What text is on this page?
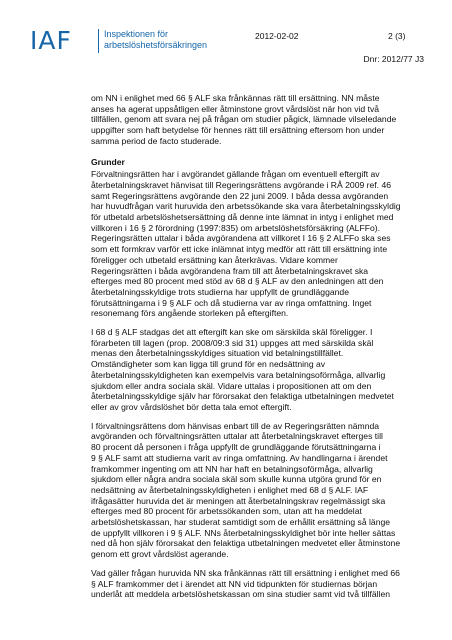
IAF	Inspektionen för
arbetslöshetsförsäkringen
2012-02-02	2 (3)
Dnr: 2012/77 J3

om NN i enlighet med 66 § ALF ska frånkännas rätt till ersättning. NN måste
anses ha agerat uppsåtligen eller åtminstone grovt vårdslöst när hon vid två
tillfällen, genom att svara nej på frågan om studier pågick, lämnade vilseledande
uppgifter som haft betydelse för hennes rätt till ersättning eftersom hon under
samma period de facto studerade.

Grunder

Förvaltningsrätten har i avgörandet gällande frågan om eventuell eftergift av
återbetalningskravet hänvisat till Regeringsrättens avgörande i RÅ 2009 ref. 46
samt Regeringsrättens avgörande den 22 juni 2009. I båda dessa avgöranden
har huvudfrågan varit huruvida den arbetssökande ska vara återbetalningsskyldig
för utbetald arbetslöshetsersättning då denne inte lämnat in intyg i enlighet med
villkoren i 16 § 2 förordning (1997:835) om arbetslöshetsförsäkring (ALFFo).
Regeringsrätten uttalar i båda avgörandena att villkoret I 16 § 2 ALFFo ska ses
som ett formkrav varför ett icke inlämnat intyg medför att rätt till ersättning inte
föreligger och utbetald ersättning kan återkrävas. Vidare kommer
Regeringsrätten i båda avgörandena fram till att återbetalningskravet ska
efterges med 80 procent med stöd av 68 d § ALF av den anledningen att den
återbetalningsskyldige trots studierna har uppfyllt de grundläggande
förutsättningarna i 9 § ALF och då studierna var av ringa omfattning. Inget
resonemang förs angående storleken på eftergiften.

I 68 d § ALF stadgas det att eftergift kan ske om särskilda skäl föreligger. I
förarbeten till lagen (prop. 2008/09:3 sid 31) uppges att med särskilda skäl
menas den återbetalningsskyldiges situation vid betalningstillfället.
Omständigheter som kan ligga till grund för en nedsättning av
återbetalningsskyldigheten kan exempelvis vara betalningsoförmåga, allvarlig
sjukdom eller andra sociala skäl. Vidare uttalas i propositionen att om den
återbetalningsskyldige själv har förorsakat den felaktiga utbetalningen medvetet
eller av grov vårdslöshet bör detta tala emot eftergift.

I förvaltningsrättens dom hänvisas enbart till de av Regeringsrätten nämnda
avgöranden och förvaltningsrätten uttalar att återbetalningskravet efterges till
80 procent då personen i fråga uppfyllt de grundläggande förutsättningarna i
9 § ALF samt att studierna varit av ringa omfattning. Av handlingarna i ärendet
framkommer ingenting om att NN har haft en betalningsoförmåga, allvarlig
sjukdom eller några andra sociala skäl som skulle kunna utgöra grund för en
nedsättning av återbetalningsskyldigheten i enlighet med 68 d § ALF. IAF
ifrågasätter huruvida det är meningen att återbetalningskrav regelmässigt ska
efterges med 80 procent för arbetssökanden som, utan att ha meddelat
arbetslöshetskassan, har studerat samtidigt som de erhållit ersättning så länge
de uppfyllt villkoren i 9 § ALF. NNs återbetalningsskyldighet bör inte heller sättas
ned då hon själv förorsakat den felaktiga utbetalningen medvetet eller åtminstone
genom ett grovt vårdslöst agerande.

Vad gäller frågan huruvida NN ska frånkännas rätt till ersättning i enlighet med 66
§ ALF framkommer det i ärendet att NN vid tidpunkten för studiernas början
underlåt att meddela arbetslöshetskassan om sina studier samt vid två tillfällen
